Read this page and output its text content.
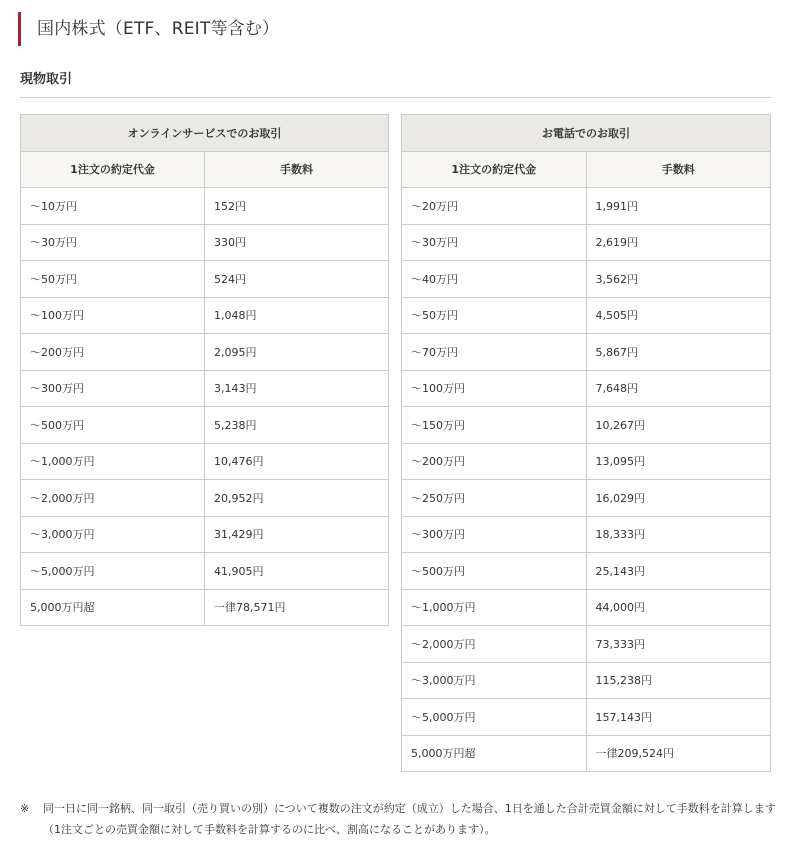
国内株式（ETF、REIT等含む）
現物取引
オンラインサービスでのお取引	
1注文の約定代金	手数料
～10万円	152円
～30万円	330円
～50万円	524円
～100万円	1,048円
～200万円	2,095円
～300万円	3,143円
～500万円	5,238円
～1,000万円	10,476円
～2,000万円	20,952円
～3,000万円	31,429円
～5,000万円	41,905円
5,000万円超	一律78,571円
お電話でのお取引	
1注文の約定代金	手数料
～20万円	1,991円
～30万円	2,619円
～40万円	3,562円
～50万円	4,505円
～70万円	5,867円
～100万円	7,648円
～150万円	10,267円
～200万円	13,095円
～250万円	16,029円
～300万円	18,333円
～500万円	25,143円
～1,000万円	44,000円
～2,000万円	73,333円
～3,000万円	115,238円
～5,000万円	157,143円
5,000万円超	一律209,524円
※ 同一日に同一銘柄、同一取引（売り買いの別）について複数の注文が約定（成立）した場合、1日を通した合計売買金額に対して手数料を計算します（1注文ごとの売買金額に対して手数料を計算するのに比べ、割高になることがあります）。
